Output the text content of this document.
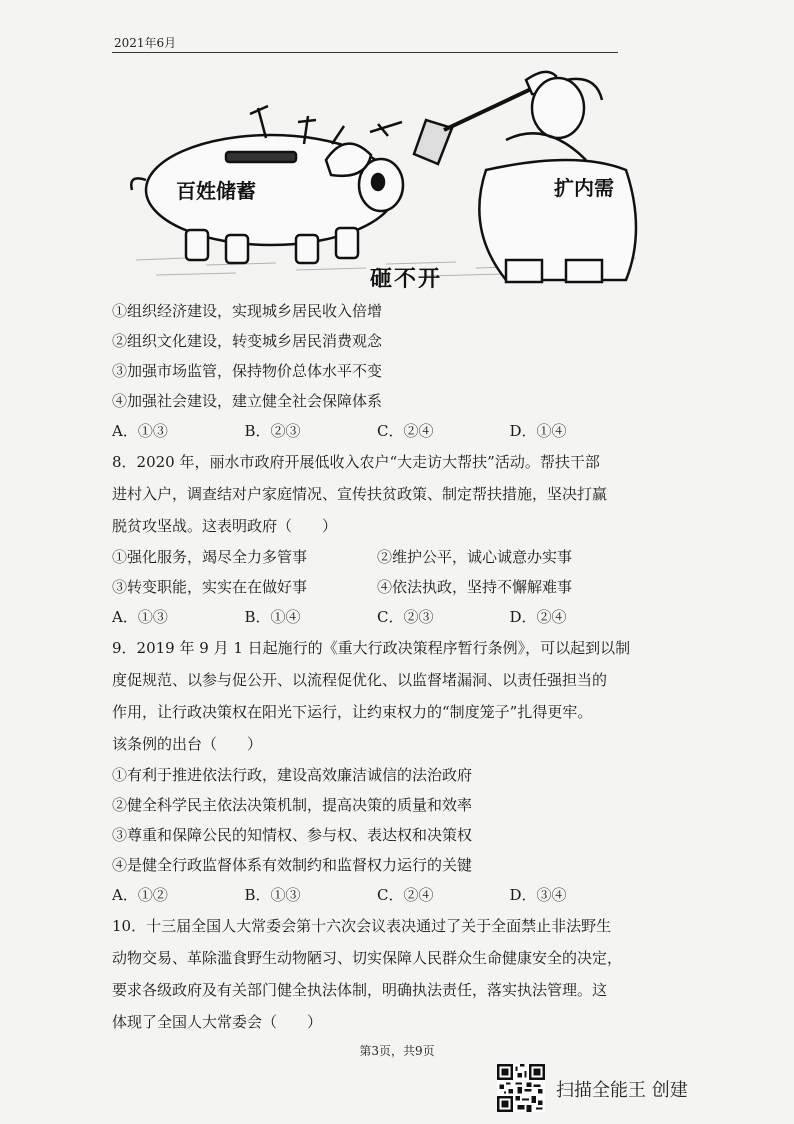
2021年6月
百姓储蓄	扩内需
砸不开
①组织经济建设，实现城乡居民收入倍增
②组织文化建设，转变城乡居民消费观念
③加强市场监管，保持物价总体水平不变
④加强社会建设，建立健全社会保障体系
A．①③	B．②③	C．②④	D．①④
8．2020 年，丽水市政府开展低收入农户“大走访大帮扶”活动。帮扶干部
进村入户，调查结对户家庭情况、宣传扶贫政策、制定帮扶措施，坚决打赢
脱贫攻坚战。这表明政府（　　）
①强化服务，竭尽全力多管事	②维护公平，诚心诚意办实事
③转变职能，实实在在做好事	④依法执政，坚持不懈解难事
A．①③	B．①④	C．②③	D．②④
9．2019 年 9 月 1 日起施行的《重大行政决策程序暂行条例》，可以起到以制
度促规范、以参与促公开、以流程促优化、以监督堵漏洞、以责任强担当的
作用，让行政决策权在阳光下运行，让约束权力的“制度笼子”扎得更牢。
该条例的出台（　　）
①有利于推进依法行政，建设高效廉洁诚信的法治政府
②健全科学民主依法决策机制，提高决策的质量和效率
③尊重和保障公民的知情权、参与权、表达权和决策权
④是健全行政监督体系有效制约和监督权力运行的关键
A．①②	B．①③	C．②④	D．③④
10．十三届全国人大常委会第十六次会议表决通过了关于全面禁止非法野生
动物交易、革除滥食野生动物陋习、切实保障人民群众生命健康安全的决定，
要求各级政府及有关部门健全执法体制，明确执法责任，落实执法管理。这
体现了全国人大常委会（　　）
第3页，共9页
扫描全能王 创建
